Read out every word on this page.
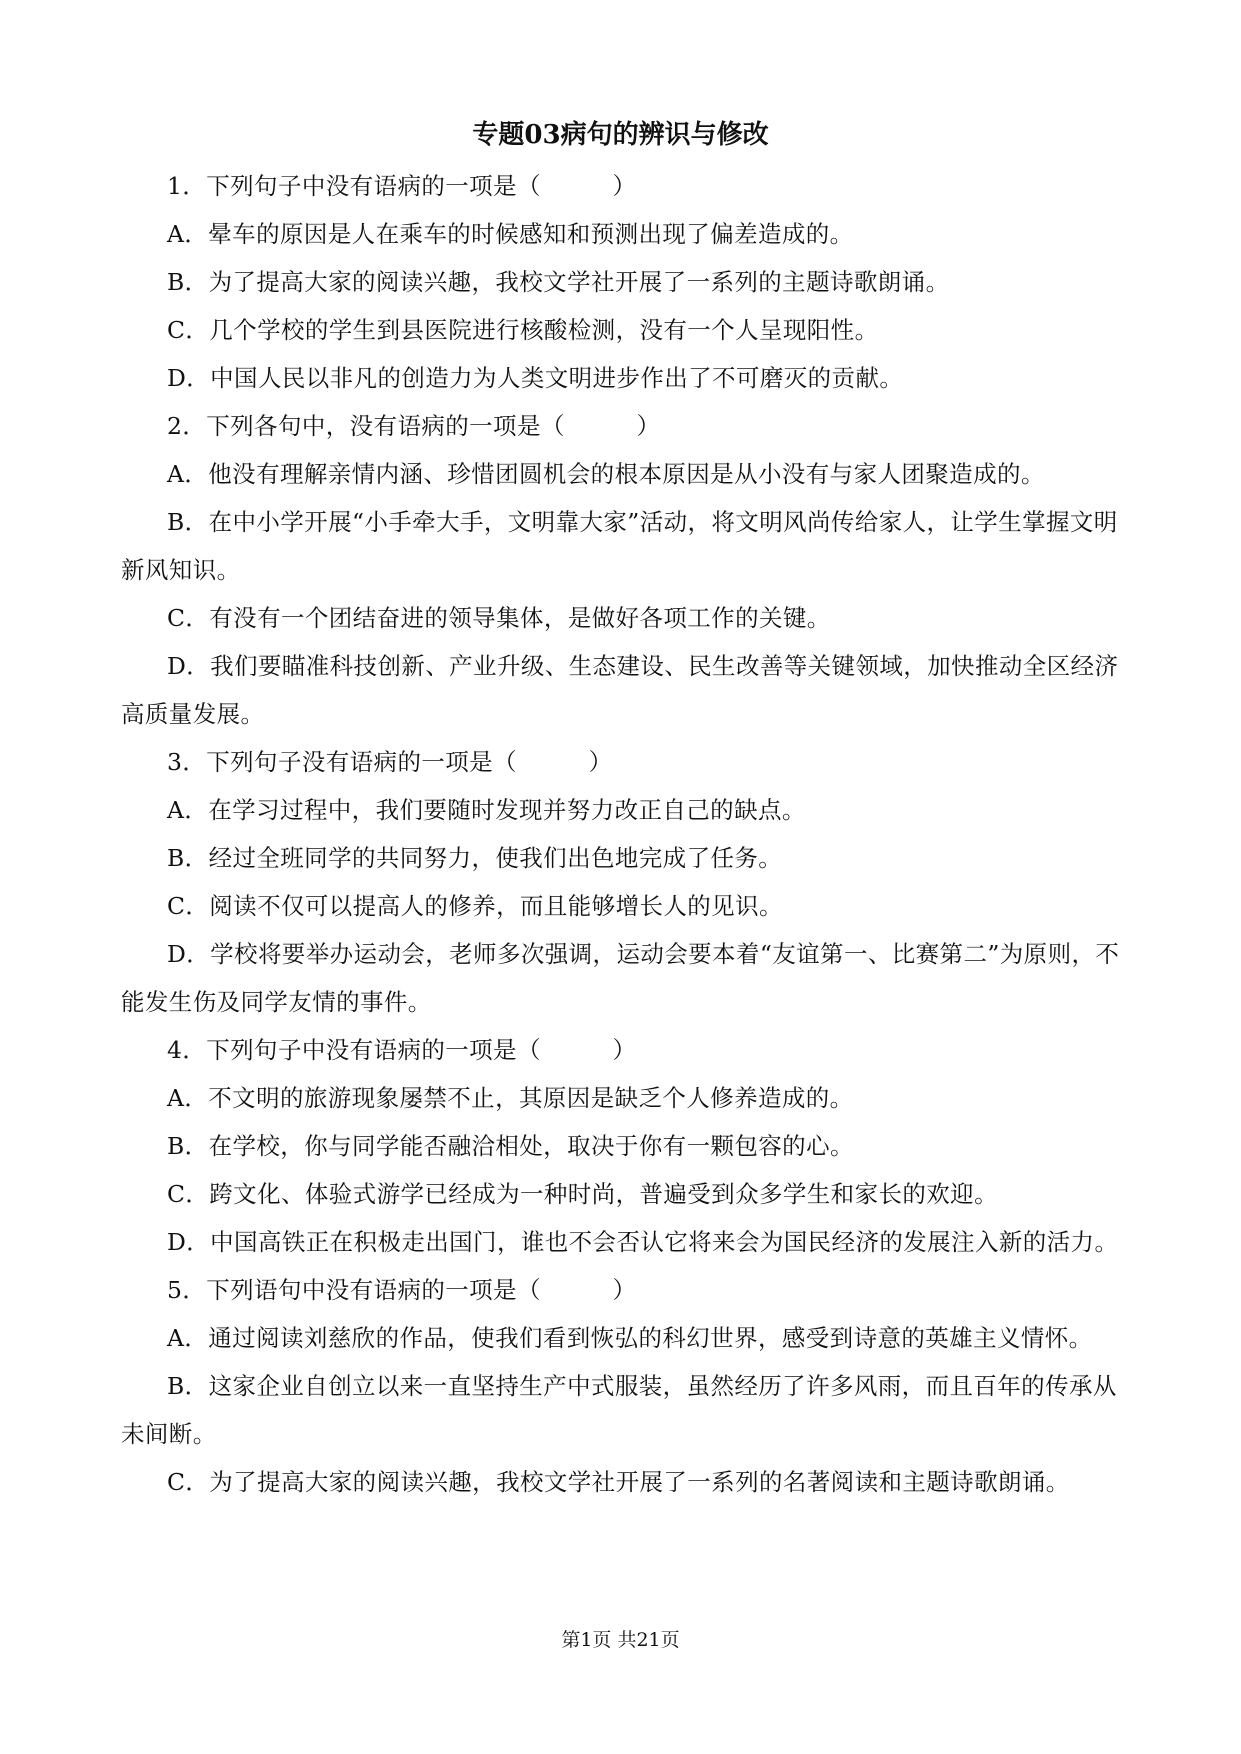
专题03病句的辨识与修改

1．下列句子中没有语病的一项是（　　　）

A．晕车的原因是人在乘车的时候感知和预测出现了偏差造成的。

B．为了提高大家的阅读兴趣，我校文学社开展了一系列的主题诗歌朗诵。

C．几个学校的学生到县医院进行核酸检测，没有一个人呈现阳性。

D．中国人民以非凡的创造力为人类文明进步作出了不可磨灭的贡献。

2．下列各句中，没有语病的一项是（　　　）

A．他没有理解亲情内涵、珍惜团圆机会的根本原因是从小没有与家人团聚造成的。

B．在中小学开展“小手牵大手，文明靠大家”活动，将文明风尚传给家人，让学生掌握文明新风知识。

C．有没有一个团结奋进的领导集体，是做好各项工作的关键。

D．我们要瞄准科技创新、产业升级、生态建设、民生改善等关键领域，加快推动全区经济高质量发展。

3．下列句子没有语病的一项是（　　　）

A．在学习过程中，我们要随时发现并努力改正自己的缺点。

B．经过全班同学的共同努力，使我们出色地完成了任务。

C．阅读不仅可以提高人的修养，而且能够增长人的见识。

D．学校将要举办运动会，老师多次强调，运动会要本着“友谊第一、比赛第二”为原则，不能发生伤及同学友情的事件。

4．下列句子中没有语病的一项是（　　　）

A．不文明的旅游现象屡禁不止，其原因是缺乏个人修养造成的。

B．在学校，你与同学能否融洽相处，取决于你有一颗包容的心。

C．跨文化、体验式游学已经成为一种时尚，普遍受到众多学生和家长的欢迎。

D．中国高铁正在积极走出国门，谁也不会否认它将来会为国民经济的发展注入新的活力。

5．下列语句中没有语病的一项是（　　　）

A．通过阅读刘慈欣的作品，使我们看到恢弘的科幻世界，感受到诗意的英雄主义情怀。

B．这家企业自创立以来一直坚持生产中式服装，虽然经历了许多风雨，而且百年的传承从未间断。

C．为了提高大家的阅读兴趣，我校文学社开展了一系列的名著阅读和主题诗歌朗诵。

第1页 共21页
